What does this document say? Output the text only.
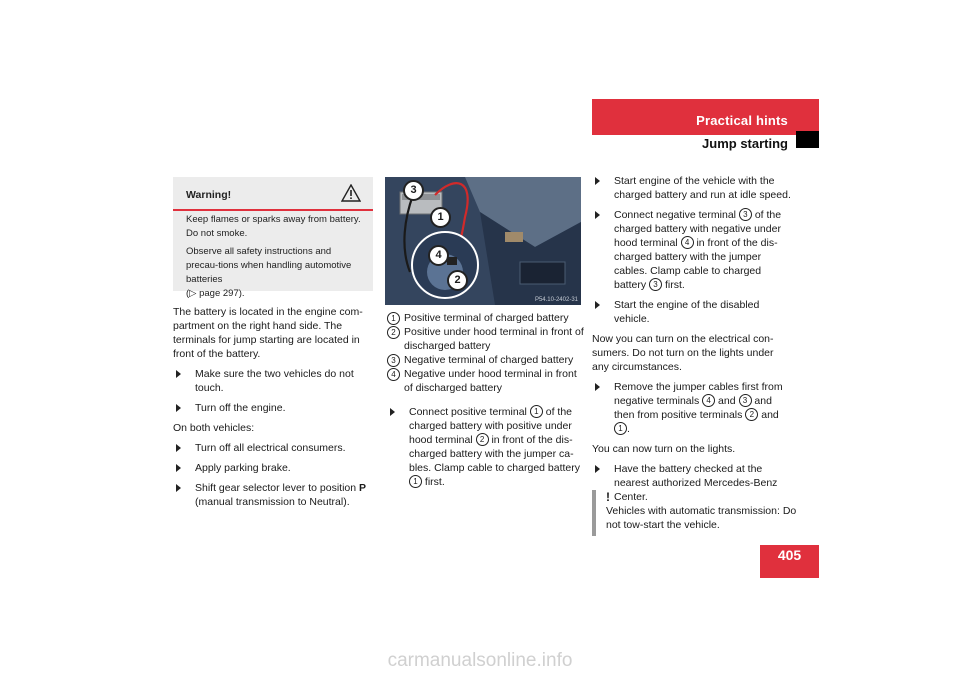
Practical hints
Jump starting
Warning!

Keep flames or sparks away from battery. Do not smoke.

Observe all safety instructions and precau-tions when handling automotive batteries

(▷ page 297).

The battery is located in the engine com-partment on the right hand side. The terminals for jump starting are located in front of the battery.

Make sure the two vehicles do not touch.
Turn off the engine.

On both vehicles:

Turn off all electrical consumers.
Apply parking brake.
Shift gear selector lever to position P (manual transmission to Neutral).
3
1
4
2
P54.10-2402-31
1 Positive terminal of charged battery
2 Positive under hood terminal in front of discharged battery
3 Negative terminal of charged battery
4 Negative under hood terminal in front of discharged battery
Connect positive terminal 1 of the charged battery with positive under hood terminal 2 in front of the dis-charged battery with the jumper ca-bles. Clamp cable to charged battery 1 first.
Start engine of the vehicle with the charged battery and run at idle speed.
Connect negative terminal 3 of the charged battery with negative under hood terminal 4 in front of the dis-charged battery with the jumper cables. Clamp cable to charged battery 3 first.
Start the engine of the disabled vehicle.

Now you can turn on the electrical con-sumers. Do not turn on the lights under any circumstances.

Remove the jumper cables first from negative terminals 4 and 3 and then from positive terminals 2 and 1 .

You can now turn on the lights.

Have the battery checked at the nearest authorized Mercedes-Benz Center.
!
Vehicles with automatic transmission: Do not tow-start the vehicle.
405
carmanualsonline.info
